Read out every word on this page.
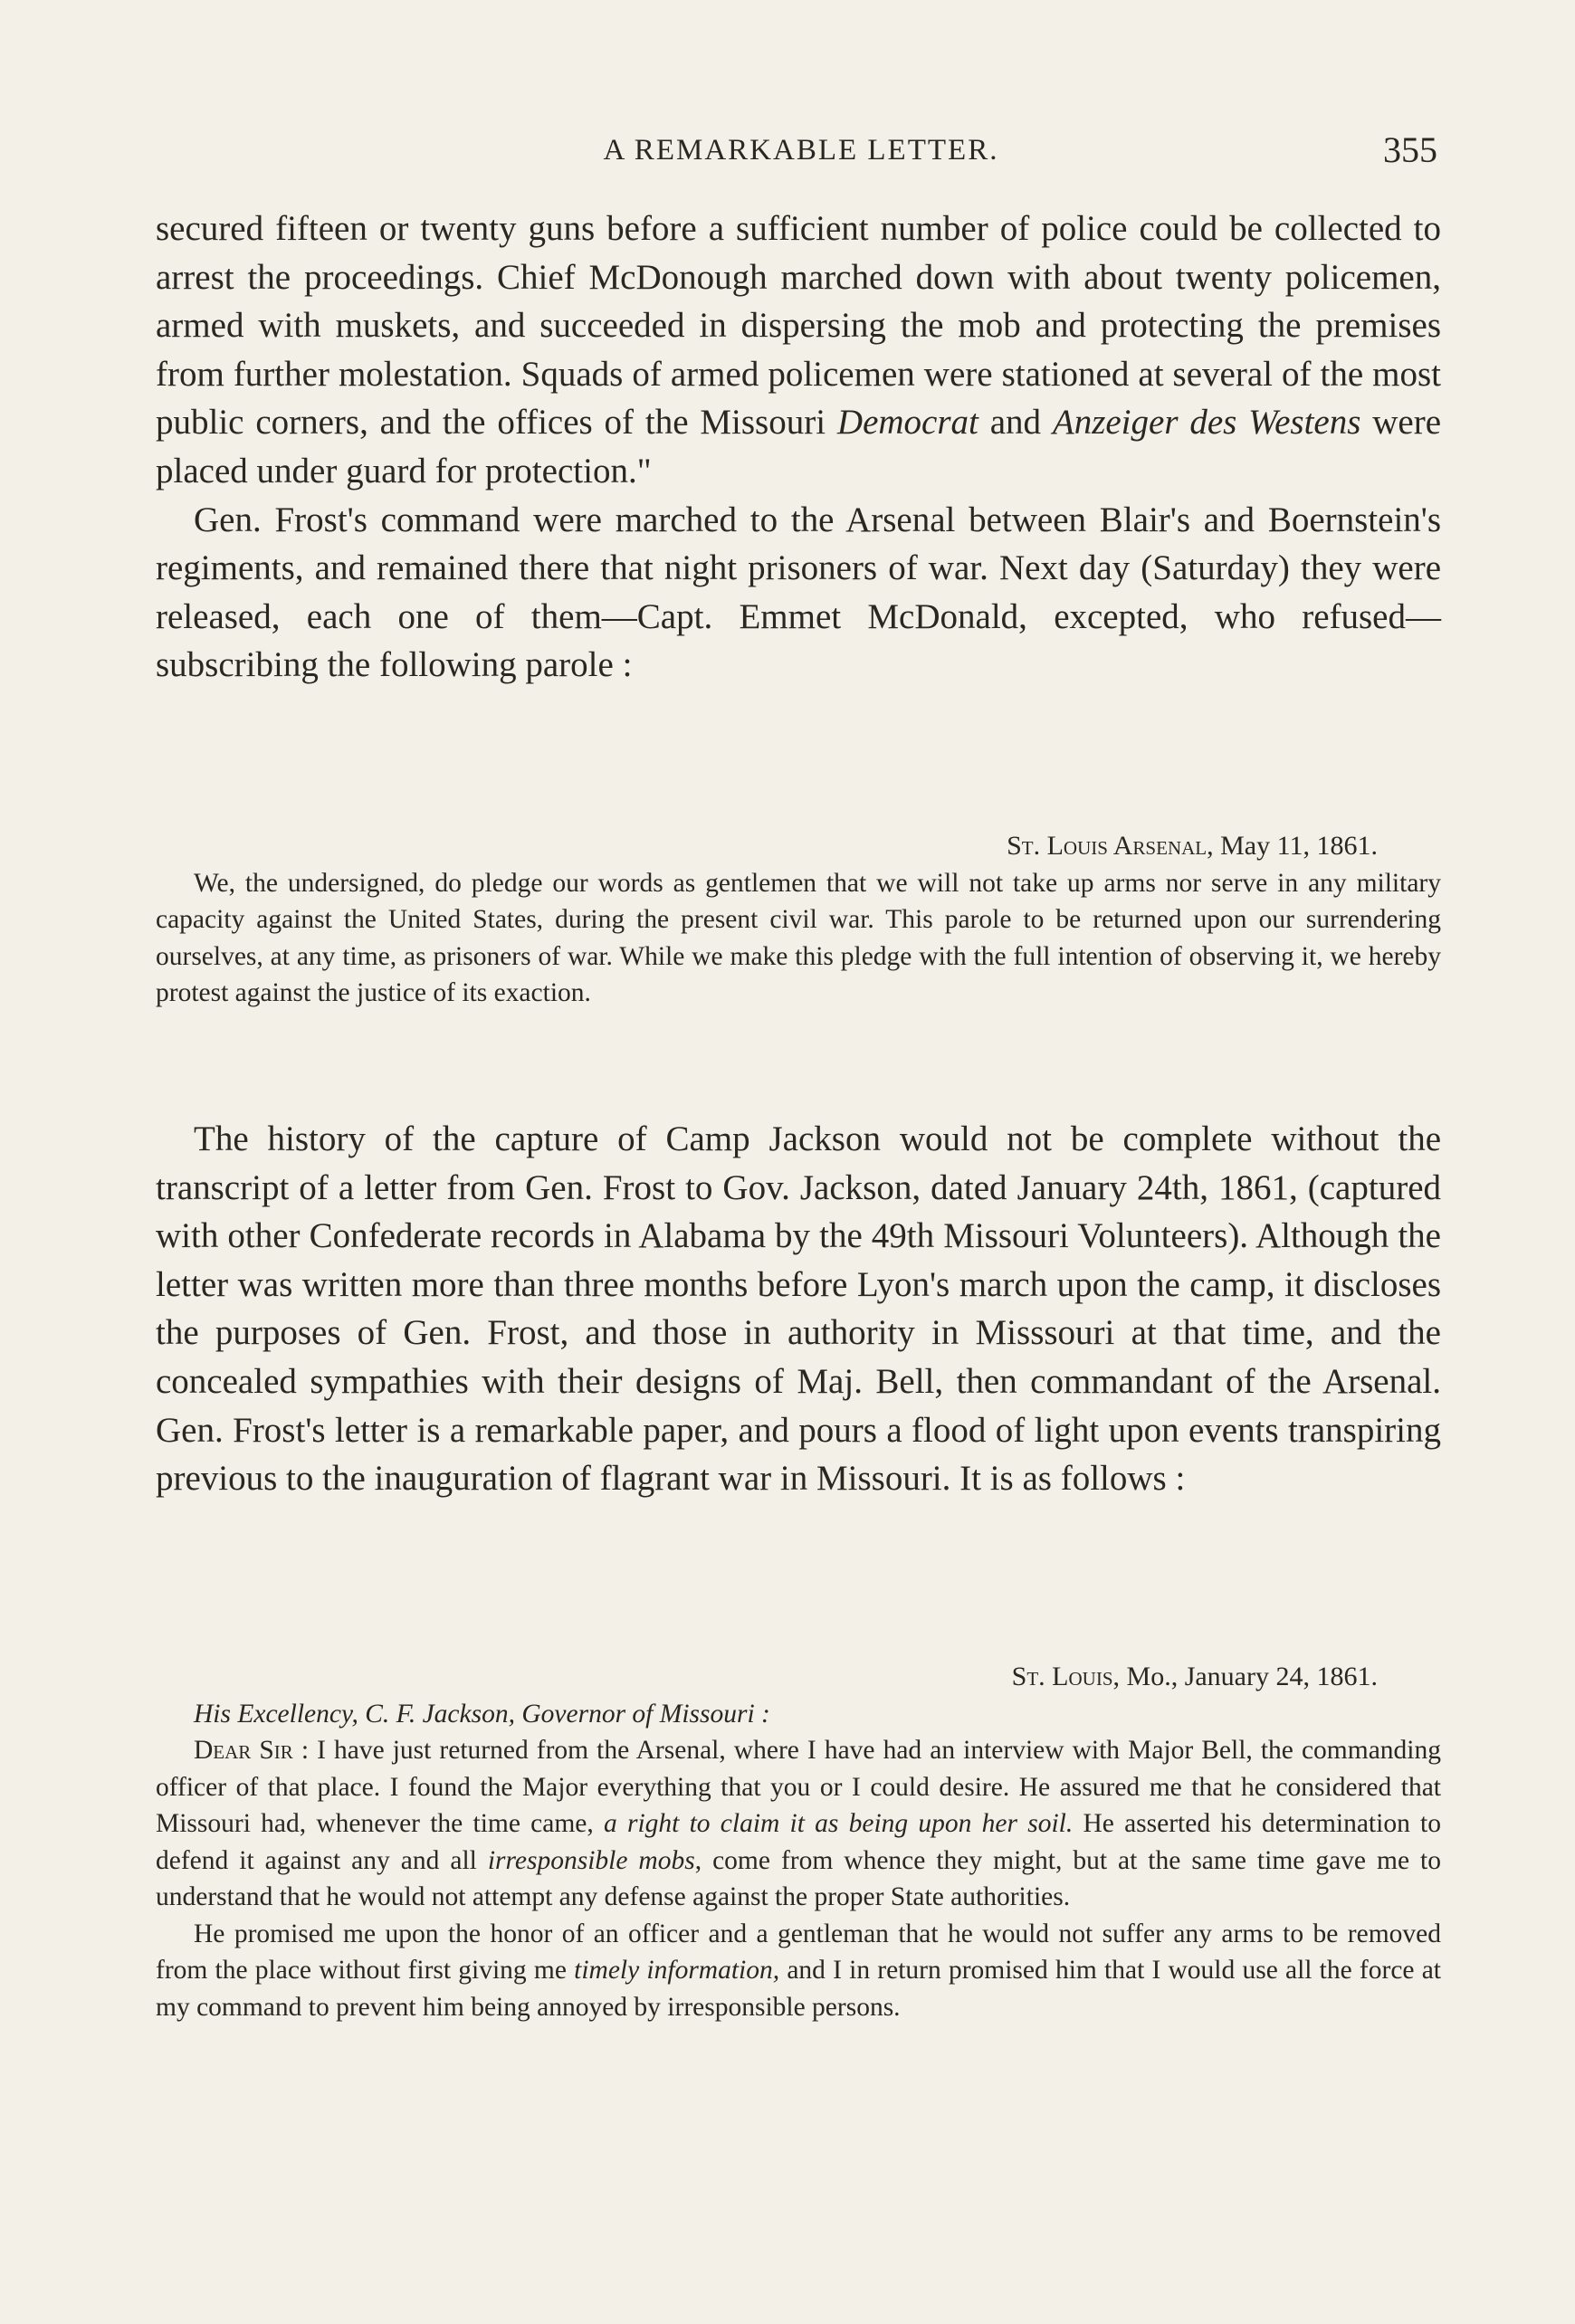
A REMARKABLE LETTER.	355

secured fifteen or twenty guns before a sufficient number of police could be collected to arrest the proceedings. Chief McDonough marched down with about twenty policemen, armed with muskets, and succeeded in dispersing the mob and protecting the premises from further molestation. Squads of armed policemen were stationed at several of the most public corners, and the offices of the Missouri Democrat and Anzeiger des Westens were placed under guard for protection."

Gen. Frost's command were marched to the Arsenal between Blair's and Boernstein's regiments, and remained there that night prisoners of war. Next day (Saturday) they were released, each one of them—Capt. Emmet McDonald, excepted, who refused—subscribing the following parole :

St. Louis Arsenal, May 11, 1861.

We, the undersigned, do pledge our words as gentlemen that we will not take up arms nor serve in any military capacity against the United States, during the present civil war. This parole to be returned upon our surrendering ourselves, at any time, as prisoners of war. While we make this pledge with the full intention of observing it, we hereby protest against the justice of its exaction.

The history of the capture of Camp Jackson would not be complete without the transcript of a letter from Gen. Frost to Gov. Jackson, dated January 24th, 1861, (captured with other Confederate records in Alabama by the 49th Missouri Volunteers). Although the letter was written more than three months before Lyon's march upon the camp, it discloses the purposes of Gen. Frost, and those in authority in Misssouri at that time, and the concealed sympathies with their designs of Maj. Bell, then commandant of the Arsenal. Gen. Frost's letter is a remarkable paper, and pours a flood of light upon events transpiring previous to the inauguration of flagrant war in Missouri. It is as follows :

St. Louis, Mo., January 24, 1861.

His Excellency, C. F. Jackson, Governor of Missouri :

Dear Sir : I have just returned from the Arsenal, where I have had an interview with Major Bell, the commanding officer of that place. I found the Major everything that you or I could desire. He assured me that he considered that Missouri had, whenever the time came, a right to claim it as being upon her soil. He asserted his determination to defend it against any and all irresponsible mobs, come from whence they might, but at the same time gave me to understand that he would not attempt any defense against the proper State authorities.

He promised me upon the honor of an officer and a gentleman that he would not suffer any arms to be removed from the place without first giving me timely information, and I in return promised him that I would use all the force at my command to prevent him being annoyed by irresponsible persons.
